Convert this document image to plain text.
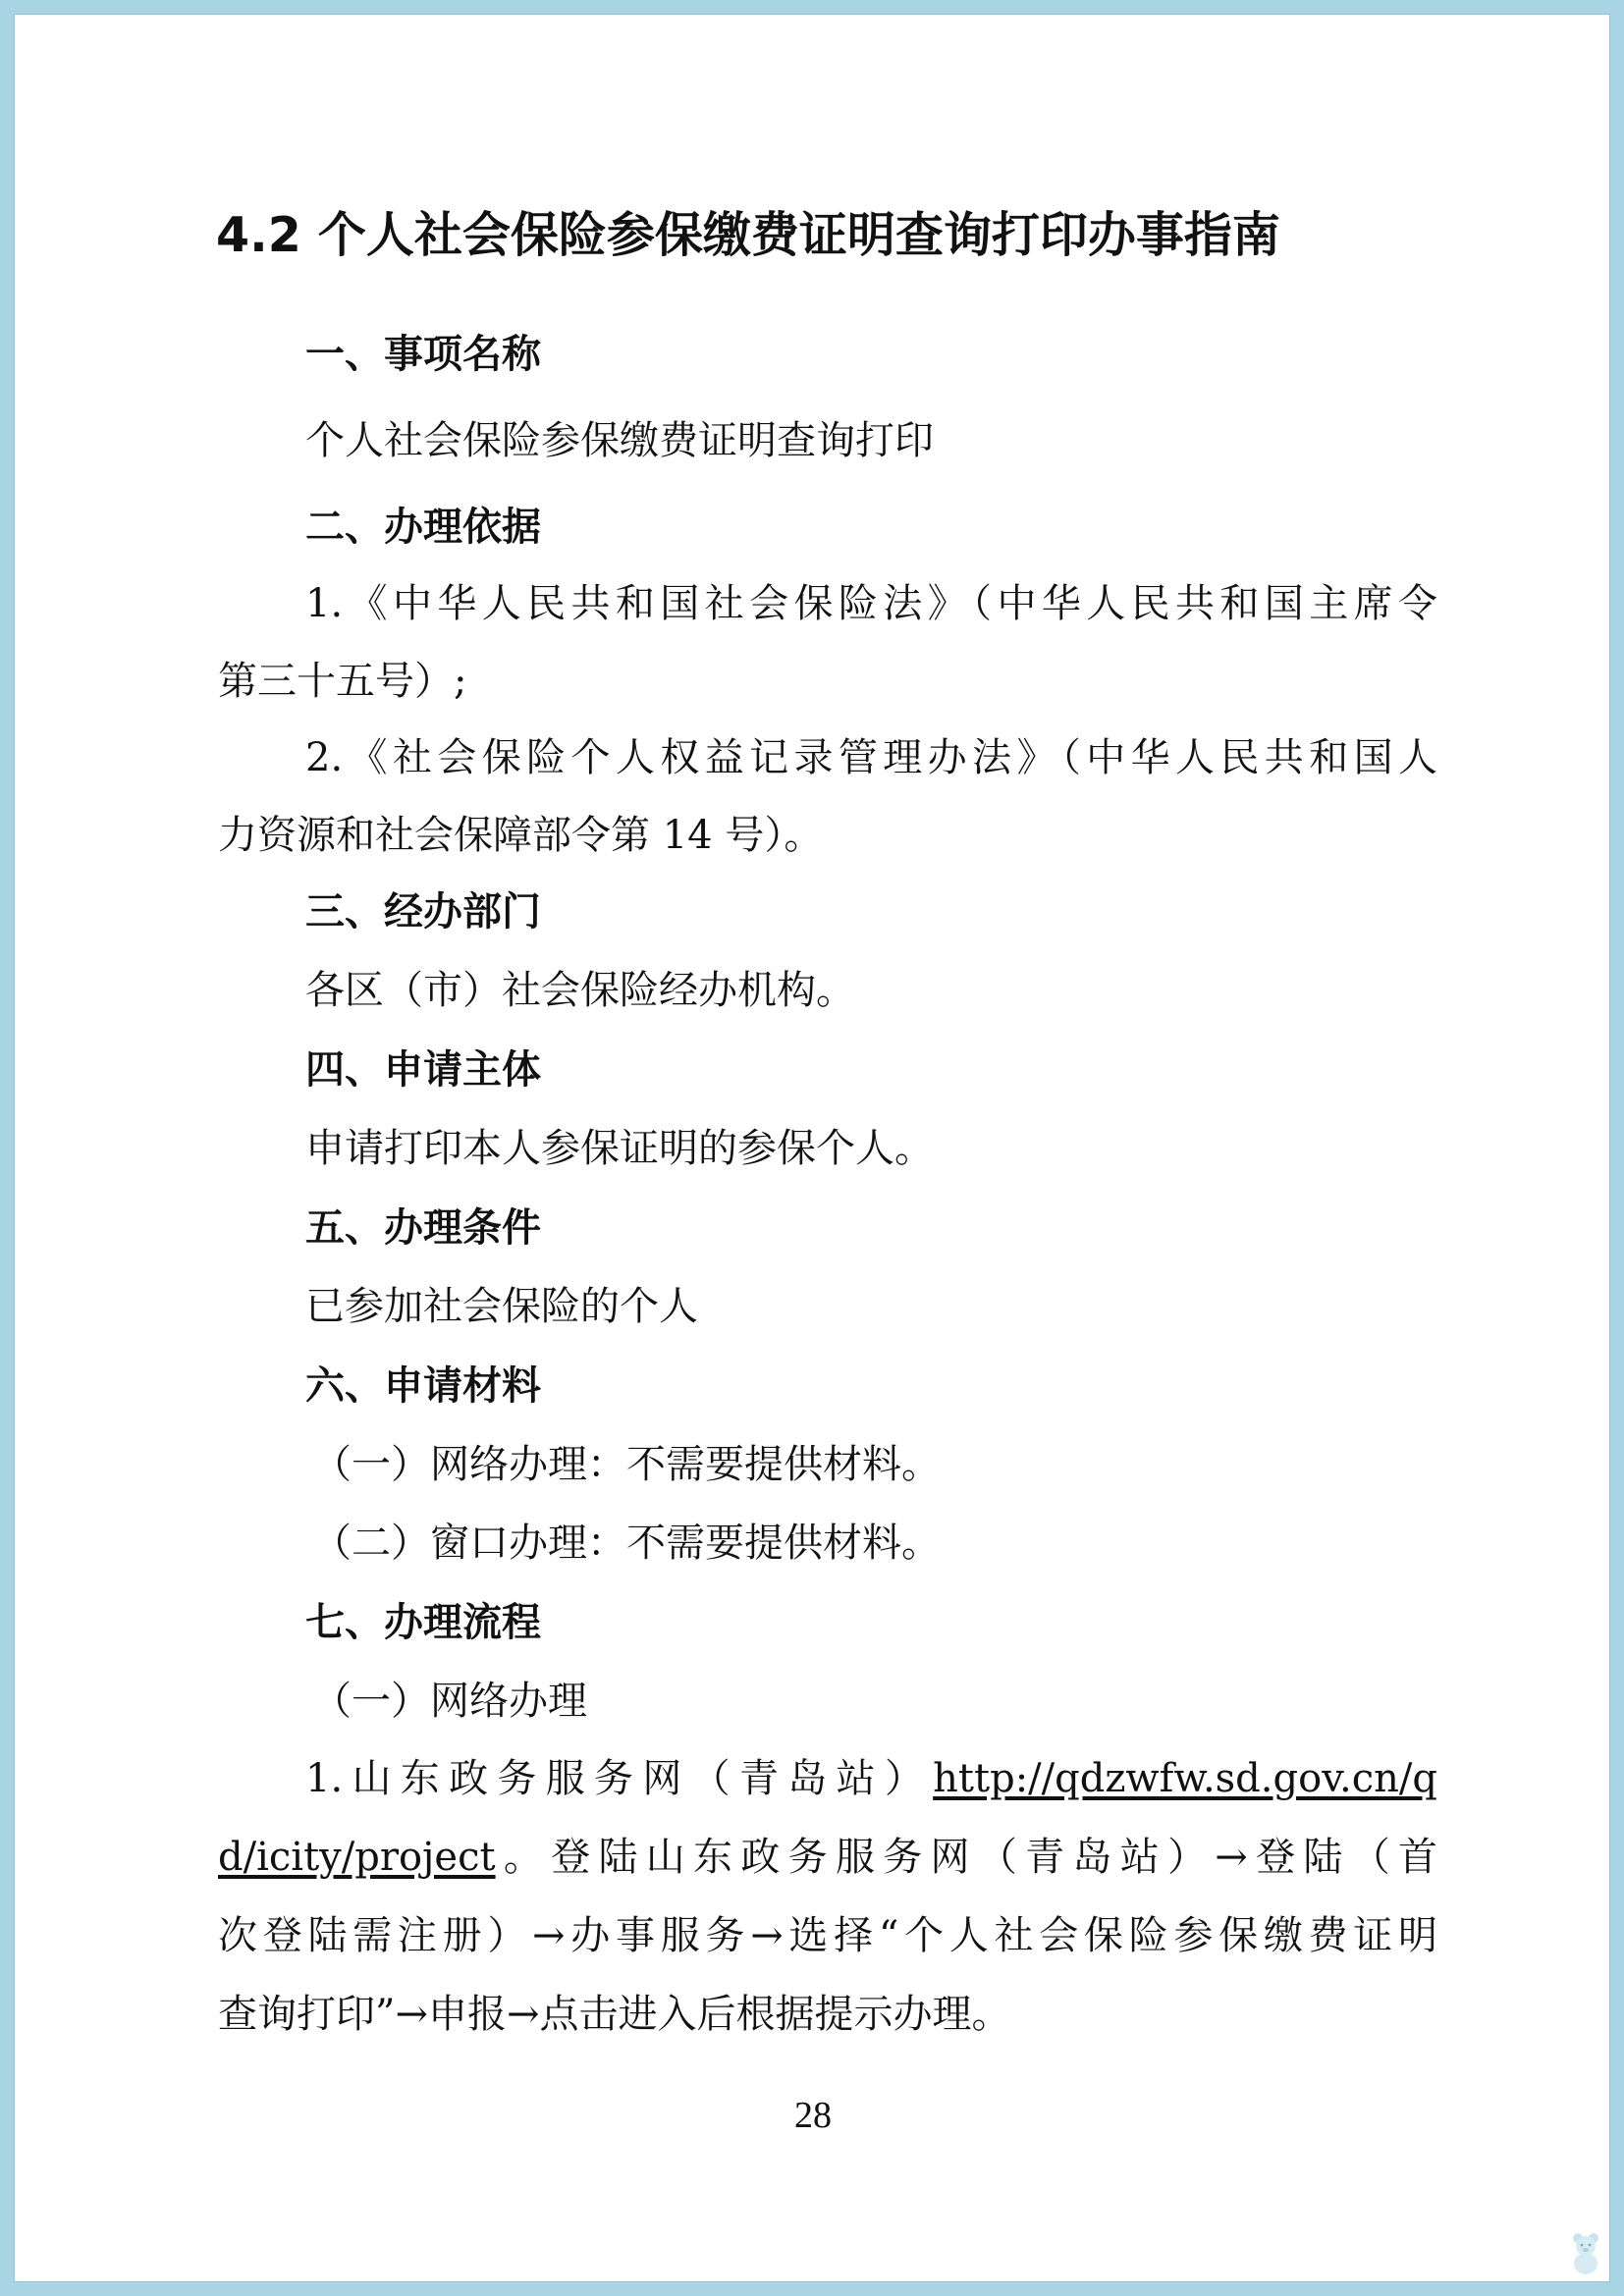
4.2 个人社会保险参保缴费证明查询打印办事指南
一、事项名称
个人社会保险参保缴费证明查询打印
二、办理依据
1.《中华人民共和国社会保险法》（中华人民共和国主席令
第三十五号）;
2.《社会保险个人权益记录管理办法》（中华人民共和国人
力资源和社会保障部令第 14 号）。
三、经办部门
各区（市）社会保险经办机构。
四、申请主体
申请打印本人参保证明的参保个人。
五、办理条件
已参加社会保险的个人
六、申请材料
（一）网络办理：不需要提供材料。
（二）窗口办理：不需要提供材料。
七、办理流程
（一）网络办理
1.山东政务服务网（青岛站）http://qdzwfw.sd.gov.cn/q
d/icity/project。登陆山东政务服务网（青岛站）→登陆（首
次登陆需注册）→办事服务→选择“个人社会保险参保缴费证明
查询打印”→申报→点击进入后根据提示办理。
28
